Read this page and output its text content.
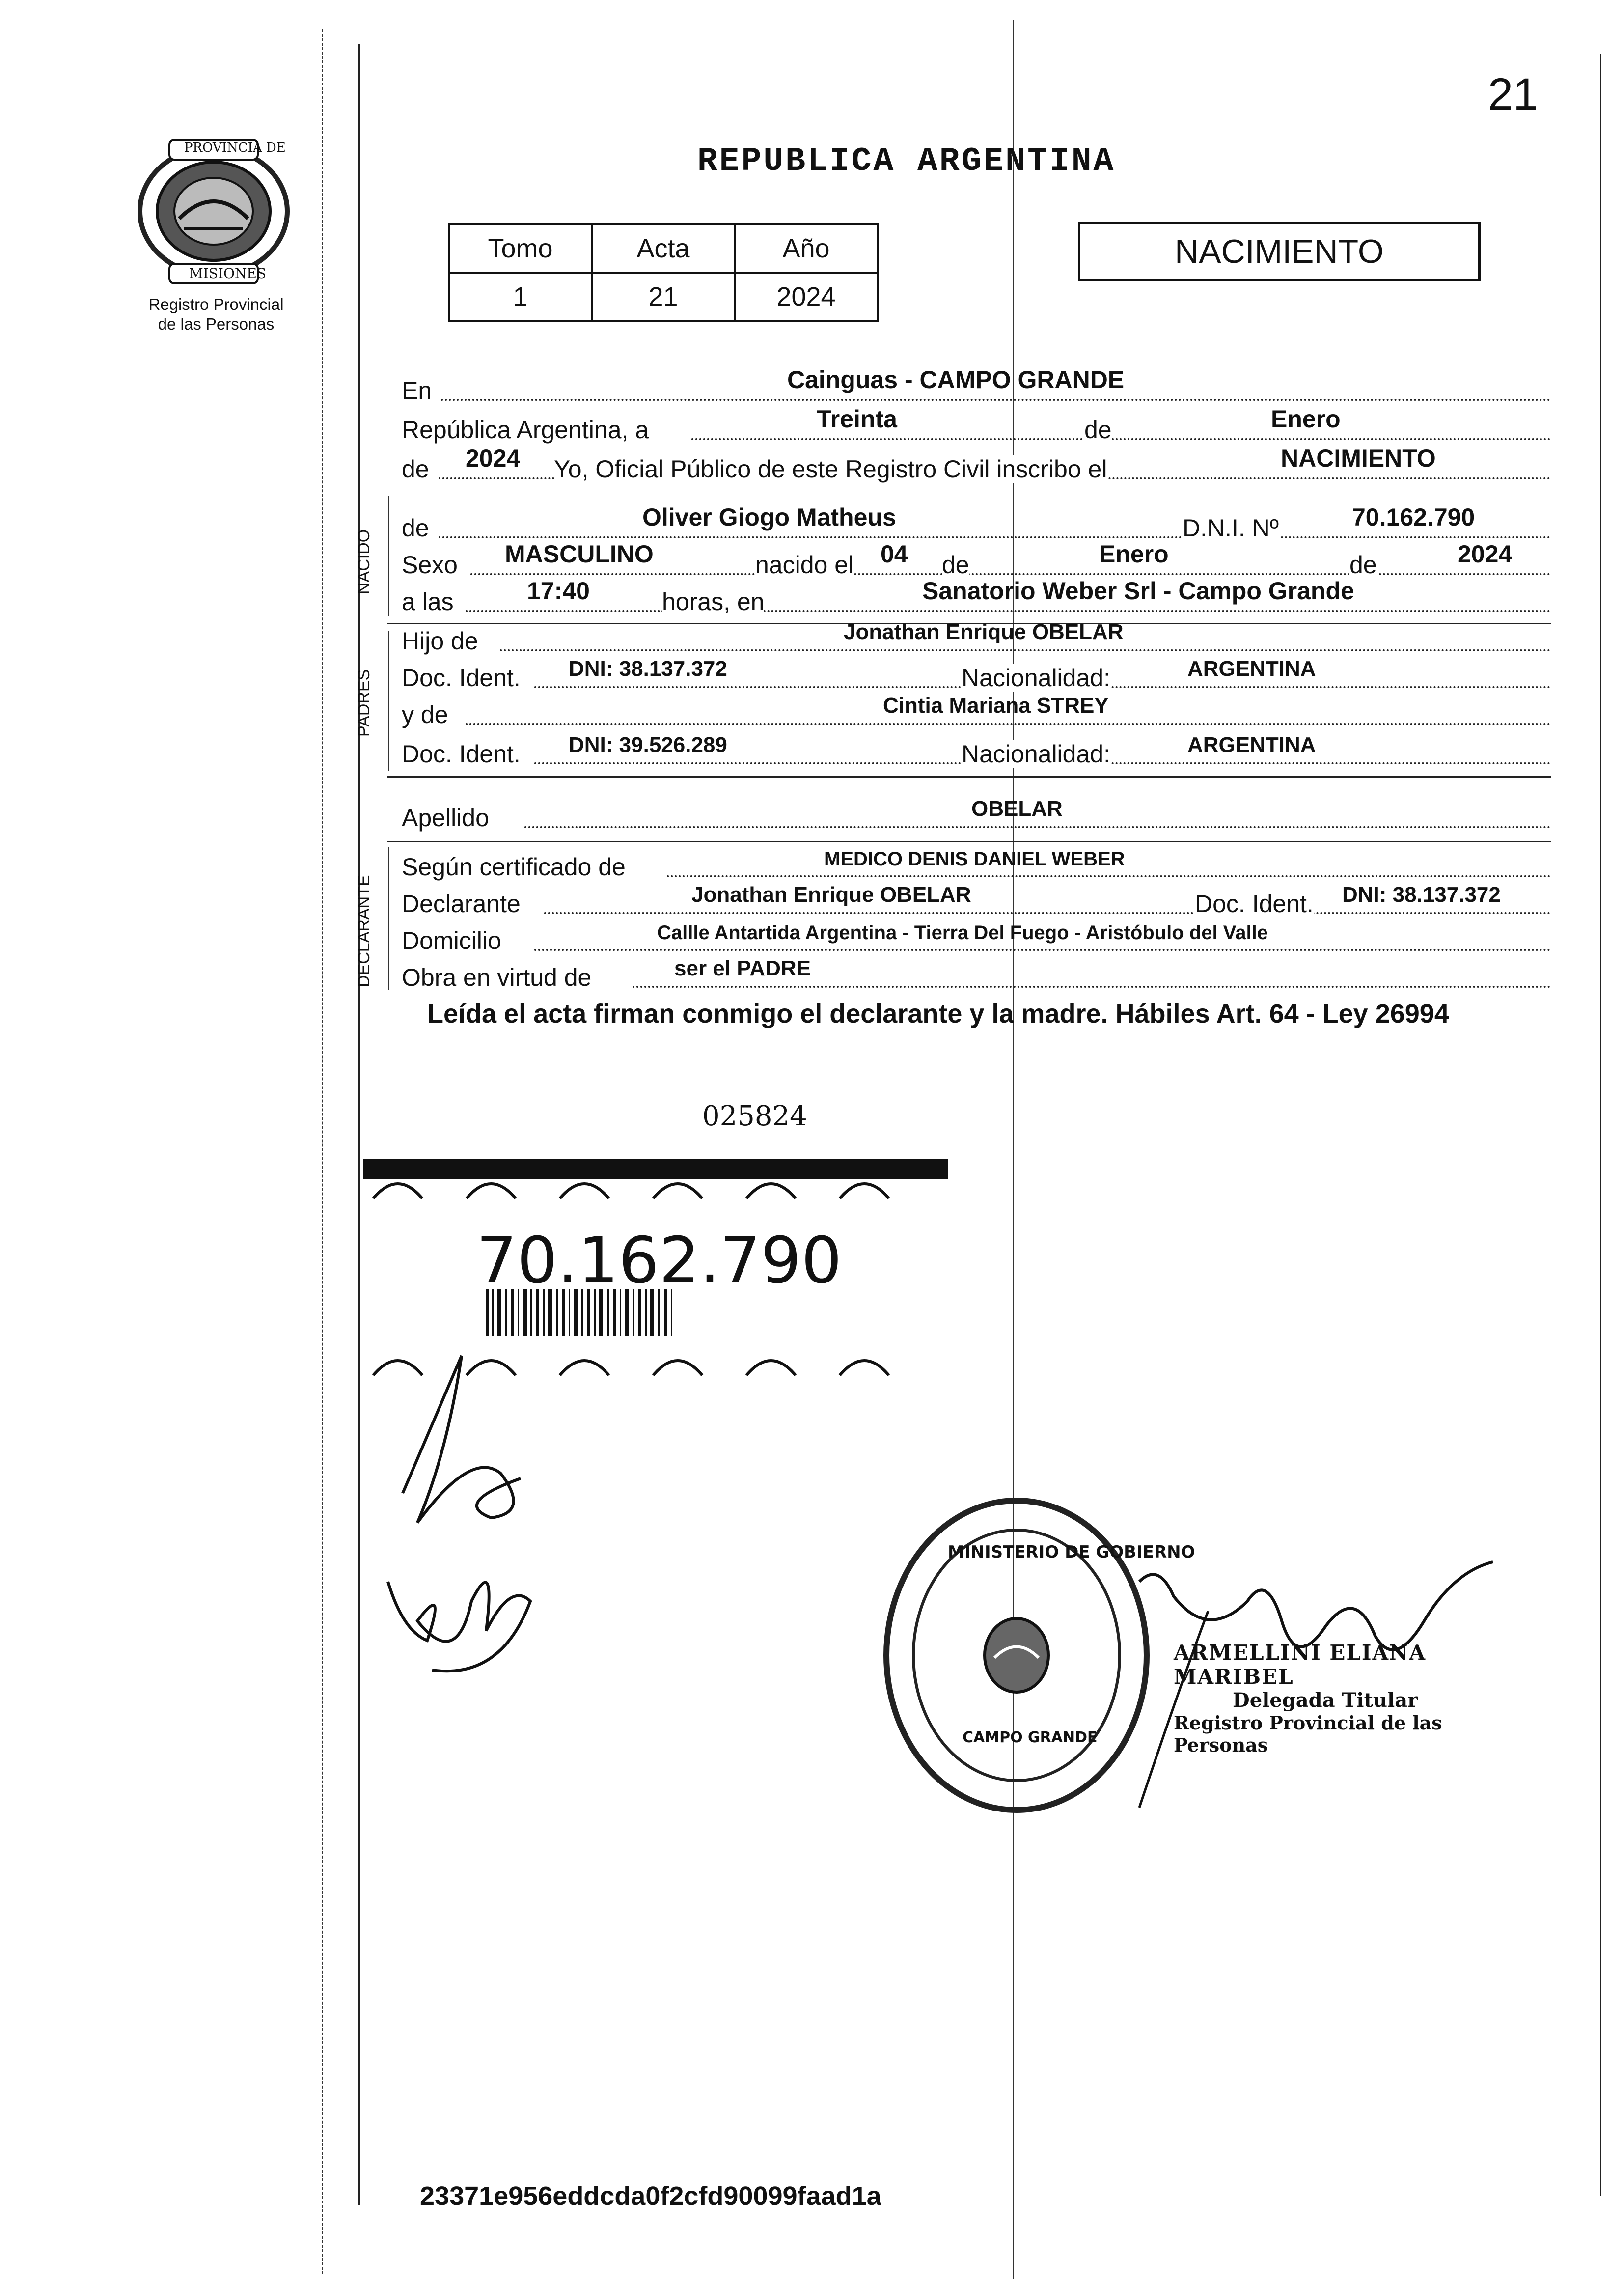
21
PROVINCIA DE
MISIONES
Registro Provincial
de las Personas
REPUBLICA ARGENTINA
Tomo	Acta	Año
1	21	2024
NACIMIENTO
En	Cainguas - CAMPO GRANDE
República Argentina, a	Treinta	de	Enero
de 2024 Yo, Oficial Público de este Registro Civil inscribo el	NACIMIENTO
NACIDO
de	Oliver Giogo Matheus	D.N.I. Nº	70.162.790
Sexo MASCULINO	nacido el 04 de	Enero	de	2024
a las	17:40	horas, en	Sanatorio Weber Srl - Campo Grande
PADRES
Hijo de	Jonathan Enrique OBELAR
Doc. Ident. DNI: 38.137.372	Nacionalidad:	ARGENTINA
y de	Cintia Mariana STREY
Doc. Ident. DNI: 39.526.289	Nacionalidad:	ARGENTINA
Apellido	OBELAR
DECLARANTE
Según certificado de	MEDICO DENIS DANIEL WEBER
Declarante	Jonathan Enrique OBELAR	Doc. Ident. DNI: 38.137.372
Domicilio	Callle Antartida Argentina - Tierra Del Fuego - Aristóbulo del Valle
Obra en virtud de	ser el PADRE
Leída el acta firman conmigo el declarante y la madre. Hábiles Art. 64 - Ley 26994
025824
70.162.790
MINISTERIO DE GOBIERNO
CAMPO GRANDE
ARMELLINI ELIANA MARIBEL
Delegada Titular
Registro Provincial de las Personas
23371e956eddcda0f2cfd90099faad1a
